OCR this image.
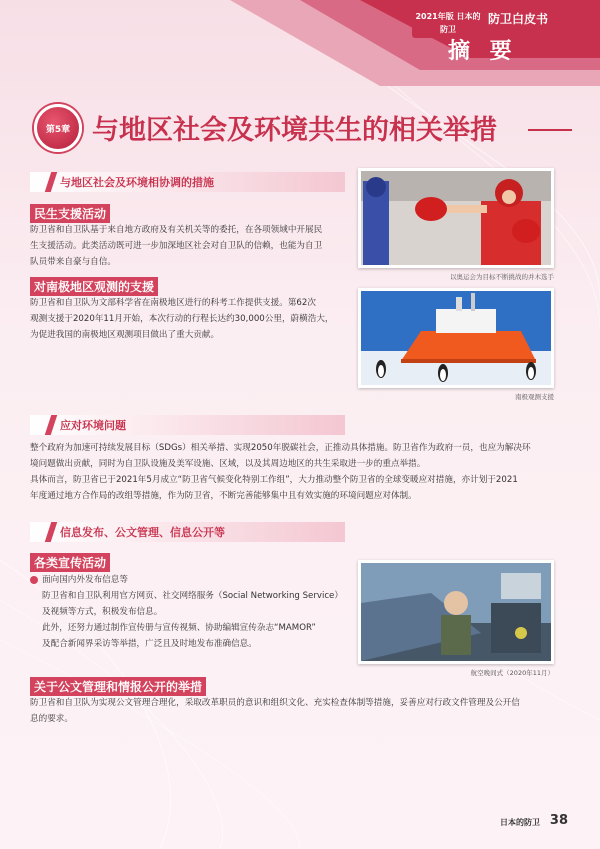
2021年版 日本的防卫
防卫白皮书
摘 要
第5章 与地区社会及环境共生的相关举措
与地区社会及环境相协调的措施
民生支援活动
防卫省和自卫队基于来自地方政府及有关机关等的委托，在各项领域中开展民
生支援活动。此类活动既可进一步加深地区社会对自卫队的信赖，也能为自卫
队员带来自豪与自信。
对南极地区观测的支援
防卫省和自卫队为文部科学省在南极地区进行的科考工作提供支援。第62次
观测支援于2020年11月开始，本次行动的行程长达约30,000公里，蔚横浩大，
为促进我国的南极地区观测项目做出了重大贡献。
以奥运会为目标不断挑战的并木选手
南极观测支援
应对环境问题
整个政府为加速可持续发展目标（SDGs）相关举措、实现2050年脱碳社会，正推动具体措施。防卫省作为政府一员，也应为解决环
境问题做出贡献，同时为自卫队设施及美军设施、区域，以及其周边地区的共生采取进一步的重点举措。
具体而言，防卫省已于2021年5月成立“防卫省气候变化特别工作组”，大力推动整个防卫省的全球变暖应对措施，亦计划于2021
年度通过地方合作局的改组等措施，作为防卫省，不断完善能够集中且有效实施的环境问题应对体制。
信息发布、公文管理、信息公开等
各类宣传活动
面向国内外发布信息等
防卫省和自卫队利用官方网页、社交网络服务（Social Networking Service）
及视频等方式，积极发布信息。
此外，还努力通过制作宣传册与宣传视频、协助编辑宣传杂志“MAMOR”
及配合新闻界采访等举措，广泛且及时地发布准确信息。
航空晚间式（2020年11月）
关于公文管理和情报公开的举措
防卫省和自卫队为实现公文管理合理化，采取改革职员的意识和组织文化、充实检查体制等措施，妥善应对行政文件管理及公开信
息的要求。
日本的防卫 38
